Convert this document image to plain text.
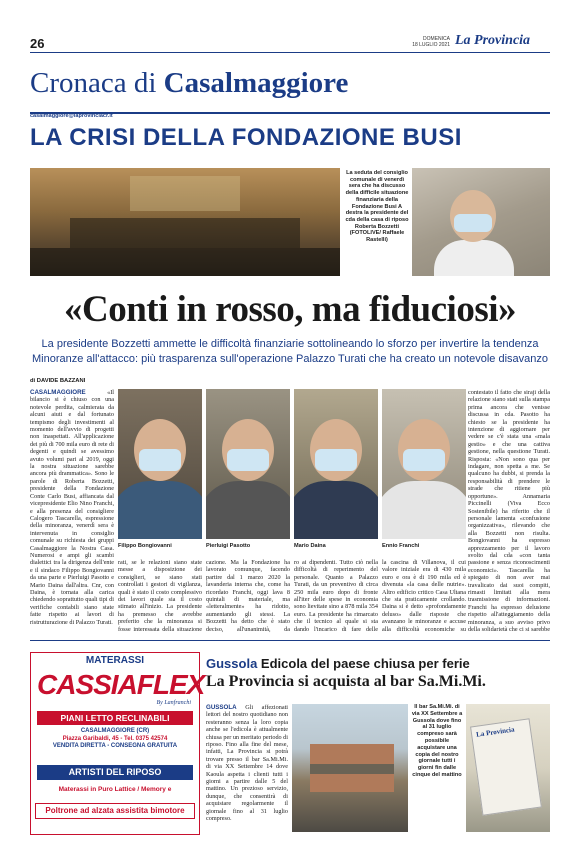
26	DOMENICA
18 LUGLIO 2021 La Provincia
Cronaca di Casalmaggiore
casalmaggiore@laprovinciacr.it
LA CRISI DELLA FONDAZIONE BUSI
La seduta del consiglio comunale di venerdì sera che ha discusso della difficile situazione finanziaria della Fondazione Busi A destra la presidente del cda della casa di riposo Roberta Bozzetti (FOTOLIVE/ Raffaele Rastelli)
«Conti in rosso, ma fiduciosi»
La presidente Bozzetti ammette le difficoltà finanziarie sottolineando lo sforzo per invertire la tendenza
Minoranze all'attacco: più trasparenza sull'operazione Palazzo Turati che ha creato un notevole disavanzo
di DAVIDE BAZZANI
CASALMAGGIORE	«Il bilancio si è chiuso con una notevole perdita, calmierata da alcuni aiuti e dal fortunato tempismo degli investimenti al momento dell'avvio di progetti non inaspettati. All'applicazione dei più di 700 mila euro di rete di degenti e quindi se avessimo avuto volumi pari al 2019, oggi la nostra situazione sarebbe ancora più drammatica». Sono le parole di Roberta Bozzetti, presidente della Fondazione Conte Carlo Busi, affiancata dal vicepresidente Elio Nino Franchi, e alla presenza del consigliere Calogero Tascarella, espressione della minoranza, venerdì sera è intervenuta in consiglio comunale su richiesta dei gruppi Casalmaggiore la Nostra Casa. Numerosi e ampi gli scambi dialettici tra la dirigenza dell'ente e il sindaco Filippo Bongiovanni da una parte e Pierluigi Pasotto e Mario Daina dall'altra. Cnr, con Daina, è tornata alla carica chiedendo soprattutto quali tipi di verifiche contabili siano state fatte rispetto ai lavori di ristrutturazione di Palazzo Turati.
Filippo Bongiovanni	Pierluigi Pasotto	Mario Daina	Ennio Franchi
rati, se le relazioni siano state messe a disposizione dei consiglieri, se siano stati controllati i gestori di vigilanza, quali è stato il costo complessivo dei lavori quale sia il costo stimato all'inizio. La presidente ha premesso che avrebbe preferito che la minoranza si fosse interessata della situazione
cazione. Ma la Fondazione ha lavorato comunque, facendo partire dal 1 marzo 2020 la lavanderia interna che, come ha ricordato Franchi, oggi lava 8 quintali di materiale, ma «letteralmente» ha ridotto, aumentando gli stessi. La Bozzetti ha detto che è stato deciso, all'unanimità, da
ro ai dipendenti. Tutto ciò nella difficoltà di reperimento del personale. Quanto a Palazzo Turati, da un preventivo di circa 250 mila euro dopo di fronte all'iter delle spese in economia sono lievitate sino a 878 mila 354 euro. La presidente ha rimarcato che il tecnico al quale si sta dando l'incarico di fare delle
la cascina di Villanova, il cui valore iniziale era di 430 mila euro e ora è di 190 mila ed è divenuta «la casa delle nutrie». Altro edificio critico Casa Ultana che sta praticamente crollando. Daina si è detto «profondamente deluso» dalle risposte che avanzano le minoranze e accuse alla difficoltà economiche su
contestato il fatto che siraji della relazione siano stati sulla stampa prima ancora che venisse discussa in cda. Pasotto ha chiesto se la presidente ha intenzione di aggiornare per vedere se c'è stata una «mala gestio» e che una cattiva gestione, nella questione Turati. Risposta: «Non sono qua per indagare, non spetta a me. Se qualcuno ha dubbi, si prenda la responsabilità di prendere le strade che ritiene più opportune». Annamaria Piccinelli (Viva Ecco Sostenibile) ha riferito che il personale lamenta «confusione organizzativa», rilevando che alla Bozzetti non risulta. Bongiovanni ha espresso apprezzamento per il lavoro svolto dal cda «con tanta passione e senza riconoscimenti economici». Tascarella ha spiegato di non aver mai travalicato dai suoi compiti, rimasti limitati alla mera trasmissione di informazioni. Franchi ha espresso delusione rispetto all'atteggiamento della minoranza, a suo avviso privo della solidarietà che ci si sarebbe
MATERASSI
CASSIAFLEX
By Lanfranchi
PIANI LETTO RECLINABILI
CASALMAGGIORE (CR)
Piazza Garibaldi, 45 - Tel. 0375 42574
VENDITA DIRETTA - CONSEGNA GRATUITA
ARTISTI DEL RIPOSO
Materassi in Puro Lattice / Memory e
Poltrone ad alzata assistita bimotore
Gussola Edicola del paese chiusa per ferie
La Provincia si acquista al bar Sa.Mi.Mi.
GUSSOLA Gli affezionati lettori del nostro quotidiano non resteranno senza la loro copia anche se l'edicola è attualmente chiusa per un meritato periodo di riposo. Fino alla fine del mese, infatti, La Provincia si potrà trovare presso il bar Sa.Mi.Mi. di via XX Settembre 14 dove Kaoula aspetta i clienti tutti i giorni a partire dalle 5 del mattino. Un prezioso servizio, dunque, che consentirà di acquistare regolarmente il giornale fino al 31 luglio compreso.
Il bar Sa.Mi.Mi. di via XX Settembre a Gussola dove fino al 31 luglio compreso sarà possibile acquistare una copia del nostro giornale tutti i giorni fin dalle cinque del mattino
La Provincia
